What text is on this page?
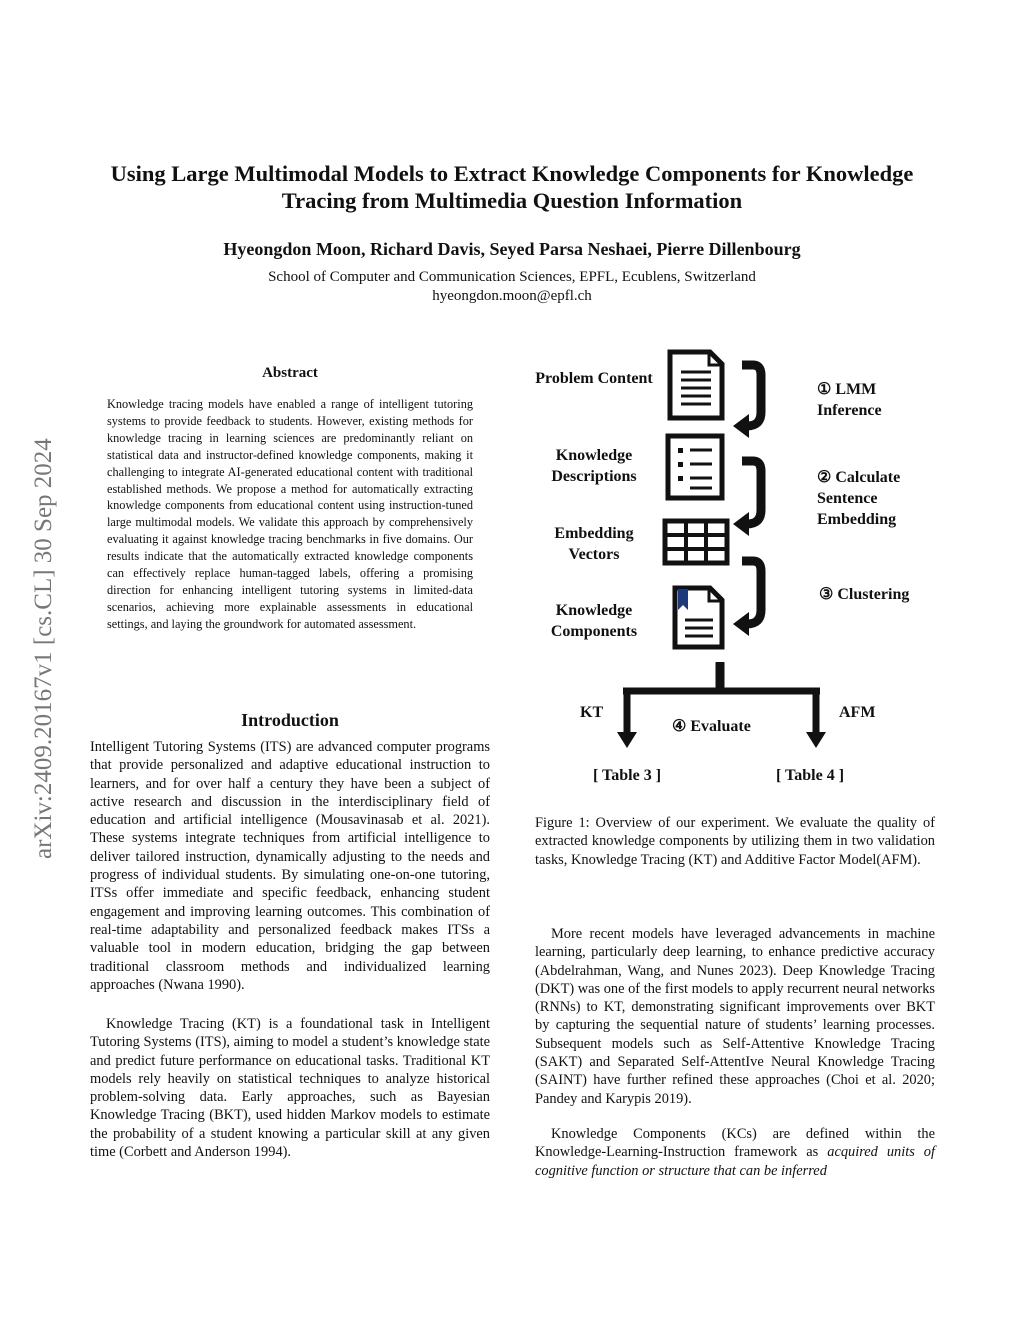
Using Large Multimodal Models to Extract Knowledge Components for Knowledge Tracing from Multimedia Question Information
Hyeongdon Moon, Richard Davis, Seyed Parsa Neshaei, Pierre Dillenbourg
School of Computer and Communication Sciences, EPFL, Ecublens, Switzerland
hyeongdon.moon@epfl.ch
arXiv:2409.20167v1 [cs.CL] 30 Sep 2024
Abstract
Knowledge tracing models have enabled a range of intelligent tutoring systems to provide feedback to students. However, existing methods for knowledge tracing in learning sciences are predominantly reliant on statistical data and instructor-defined knowledge components, making it challenging to integrate AI-generated educational content with traditional established methods. We propose a method for automatically extracting knowledge components from educational content using instruction-tuned large multimodal models. We validate this approach by comprehensively evaluating it against knowledge tracing benchmarks in five domains. Our results indicate that the automatically extracted knowledge components can effectively replace human-tagged labels, offering a promising direction for enhancing intelligent tutoring systems in limited-data scenarios, achieving more explainable assessments in educational settings, and laying the groundwork for automated assessment.
Introduction

Intelligent Tutoring Systems (ITS) are advanced computer programs that provide personalized and adaptive educational instruction to learners, and for over half a century they have been a subject of active research and discussion in the interdisciplinary field of education and artificial intelligence (Mousavinasab et al. 2021). These systems integrate techniques from artificial intelligence to deliver tailored instruction, dynamically adjusting to the needs and progress of individual students. By simulating one-on-one tutoring, ITSs offer immediate and specific feedback, enhancing student engagement and improving learning outcomes. This combination of real-time adaptability and personalized feedback makes ITSs a valuable tool in modern education, bridging the gap between traditional classroom methods and individualized learning approaches (Nwana 1990).

Knowledge Tracing (KT) is a foundational task in Intelligent Tutoring Systems (ITS), aiming to model a student’s knowledge state and predict future performance on educational tasks. Traditional KT models rely heavily on statistical techniques to analyze historical problem-solving data. Early approaches, such as Bayesian Knowledge Tracing (BKT), used hidden Markov models to estimate the probability of a student knowing a particular skill at any given time (Corbett and Anderson 1994).

Problem Content
Knowledge Descriptions
Embedding Vectors
Knowledge Components
① LMM Inference
② Calculate Sentence Embedding
③ Clustering
④ Evaluate
KT	AFM
[ Table 3 ]	[ Table 4 ]

Figure 1: Overview of our experiment. We evaluate the quality of extracted knowledge components by utilizing them in two validation tasks, Knowledge Tracing (KT) and Additive Factor Model(AFM).

More recent models have leveraged advancements in machine learning, particularly deep learning, to enhance predictive accuracy (Abdelrahman, Wang, and Nunes 2023). Deep Knowledge Tracing (DKT) was one of the first models to apply recurrent neural networks (RNNs) to KT, demonstrating significant improvements over BKT by capturing the sequential nature of students’ learning processes. Subsequent models such as Self-Attentive Knowledge Tracing (SAKT) and Separated Self-AttentIve Neural Knowledge Tracing (SAINT) have further refined these approaches (Choi et al. 2020; Pandey and Karypis 2019).

Knowledge Components (KCs) are defined within the Knowledge-Learning-Instruction framework as acquired units of cognitive function or structure that can be inferred
